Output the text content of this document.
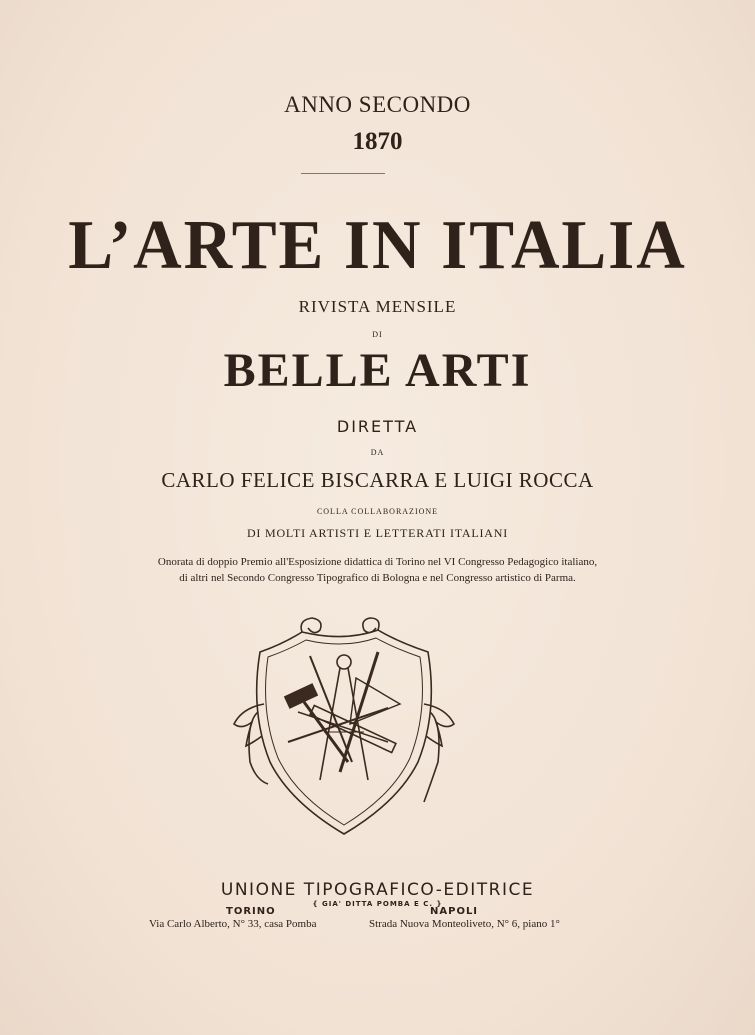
ANNO SECONDO
1870
L’ARTE IN ITALIA
RIVISTA MENSILE
DI
BELLE ARTI
DIRETTA
DA
CARLO FELICE BISCARRA E LUIGI ROCCA
COLLA COLLABORAZIONE
DI MOLTI ARTISTI E LETTERATI ITALIANI
Onorata di doppio Premio all'Esposizione didattica di Torino nel VI Congresso Pedagogico italiano,
di altri nel Secondo Congresso Tipografico di Bologna e nel Congresso artistico di Parma.
UNIONE TIPOGRAFICO-EDITRICE
{ GIA' DITTA POMBA E C. }
TORINO
Via Carlo Alberto, N° 33, casa Pomba
NAPOLI
Strada Nuova Monteoliveto, N° 6, piano 1°
